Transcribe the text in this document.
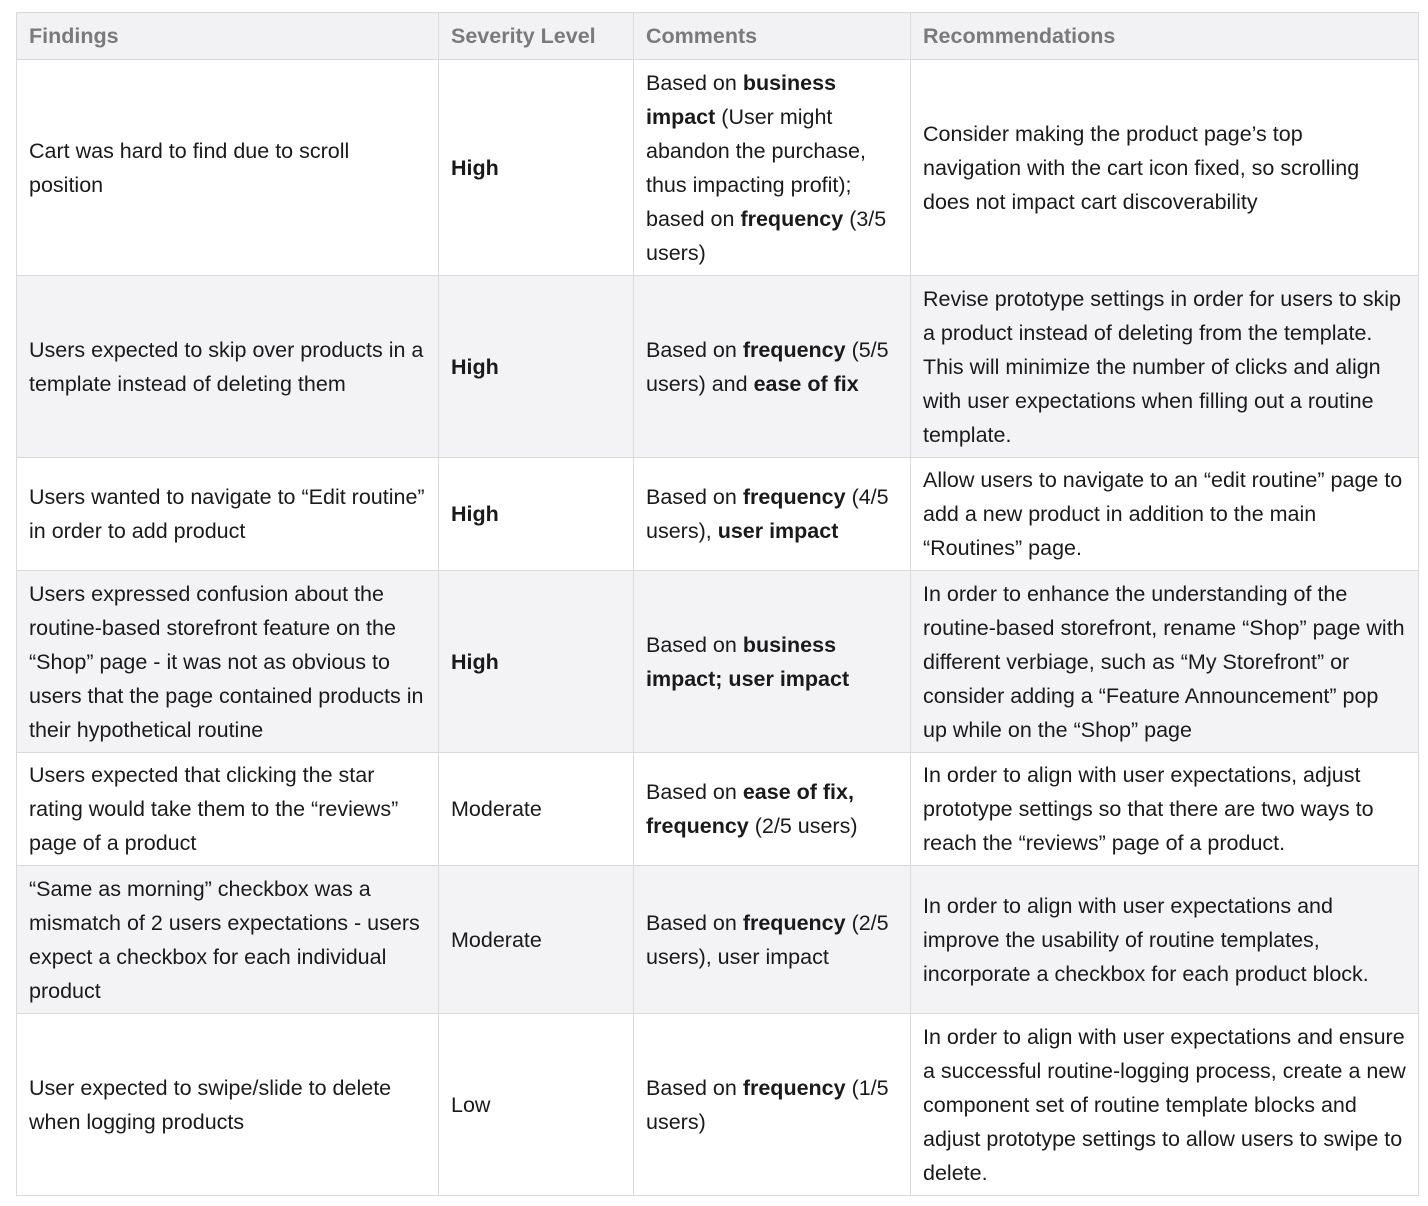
Findings	Severity Level	Comments	Recommendations
Cart was hard to find due to scroll position	High	Based on business impact (User might abandon the purchase, thus impacting profit); based on frequency (3/5 users)	Consider making the product page’s top navigation with the cart icon fixed, so scrolling does not impact cart discoverability
Users expected to skip over products in a template instead of deleting them	High	Based on frequency (5/5 users) and ease of fix	Revise prototype settings in order for users to skip a product instead of deleting from the template. This will minimize the number of clicks and align with user expectations when filling out a routine template.
Users wanted to navigate to “Edit routine” in order to add product	High	Based on frequency (4/5 users), user impact	Allow users to navigate to an “edit routine” page to add a new product in addition to the main “Routines” page.
Users expressed confusion about the routine-based storefront feature on the “Shop” page - it was not as obvious to users that the page contained products in their hypothetical routine	High	Based on business impact; user impact	In order to enhance the understanding of the routine-based storefront, rename “Shop” page with different verbiage, such as “My Storefront” or consider adding a “Feature Announcement” pop up while on the “Shop” page
Users expected that clicking the star rating would take them to the “reviews” page of a product	Moderate	Based on ease of fix, frequency (2/5 users)	In order to align with user expectations, adjust prototype settings so that there are two ways to reach the “reviews” page of a product.
“Same as morning” checkbox was a mismatch of 2 users expectations - users expect a checkbox for each individual product	Moderate	Based on frequency (2/5 users), user impact	In order to align with user expectations and improve the usability of routine templates, incorporate a checkbox for each product block.
User expected to swipe/slide to delete when logging products	Low	Based on frequency (1/5 users)	In order to align with user expectations and ensure a successful routine-logging process, create a new component set of routine template blocks and adjust prototype settings to allow users to swipe to delete.
